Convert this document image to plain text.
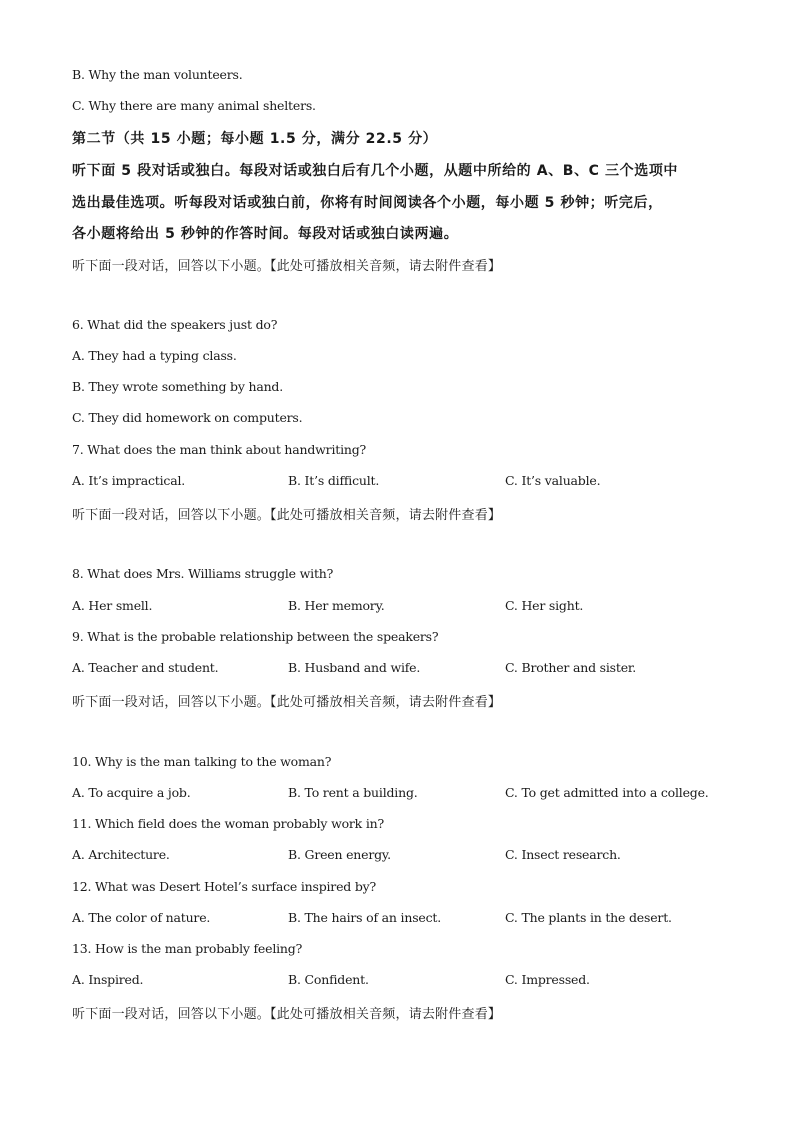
B. Why the man volunteers.
C. Why there are many animal shelters.
第二节（共 15 小题；每小题 1.5 分，满分 22.5 分）
听下面 5 段对话或独白。每段对话或独白后有几个小题，从题中所给的 A、B、C 三个选项中
选出最佳选项。听每段对话或独白前，你将有时间阅读各个小题，每小题 5 秒钟；听完后，
各小题将给出 5 秒钟的作答时间。每段对话或独白读两遍。
听下面一段对话，回答以下小题。【此处可播放相关音频，请去附件查看】
6. What did the speakers just do?
A. They had a typing class.
B. They wrote something by hand.
C. They did homework on computers.
7. What does the man think about handwriting?
A. It’s impractical.	B. It’s difficult.	C. It’s valuable.
听下面一段对话，回答以下小题。【此处可播放相关音频，请去附件查看】
8. What does Mrs. Williams struggle with?
A. Her smell.	B. Her memory.	C. Her sight.
9. What is the probable relationship between the speakers?
A. Teacher and student.	B. Husband and wife.	C. Brother and sister.
听下面一段对话，回答以下小题。【此处可播放相关音频，请去附件查看】
10. Why is the man talking to the woman?
A. To acquire a job.	B. To rent a building.	C. To get admitted into a college.
11. Which field does the woman probably work in?
A. Architecture.	B. Green energy.	C. Insect research.
12. What was Desert Hotel’s surface inspired by?
A. The color of nature.	B. The hairs of an insect.	C. The plants in the desert.
13. How is the man probably feeling?
A. Inspired.	B. Confident.	C. Impressed.
听下面一段对话，回答以下小题。【此处可播放相关音频，请去附件查看】
